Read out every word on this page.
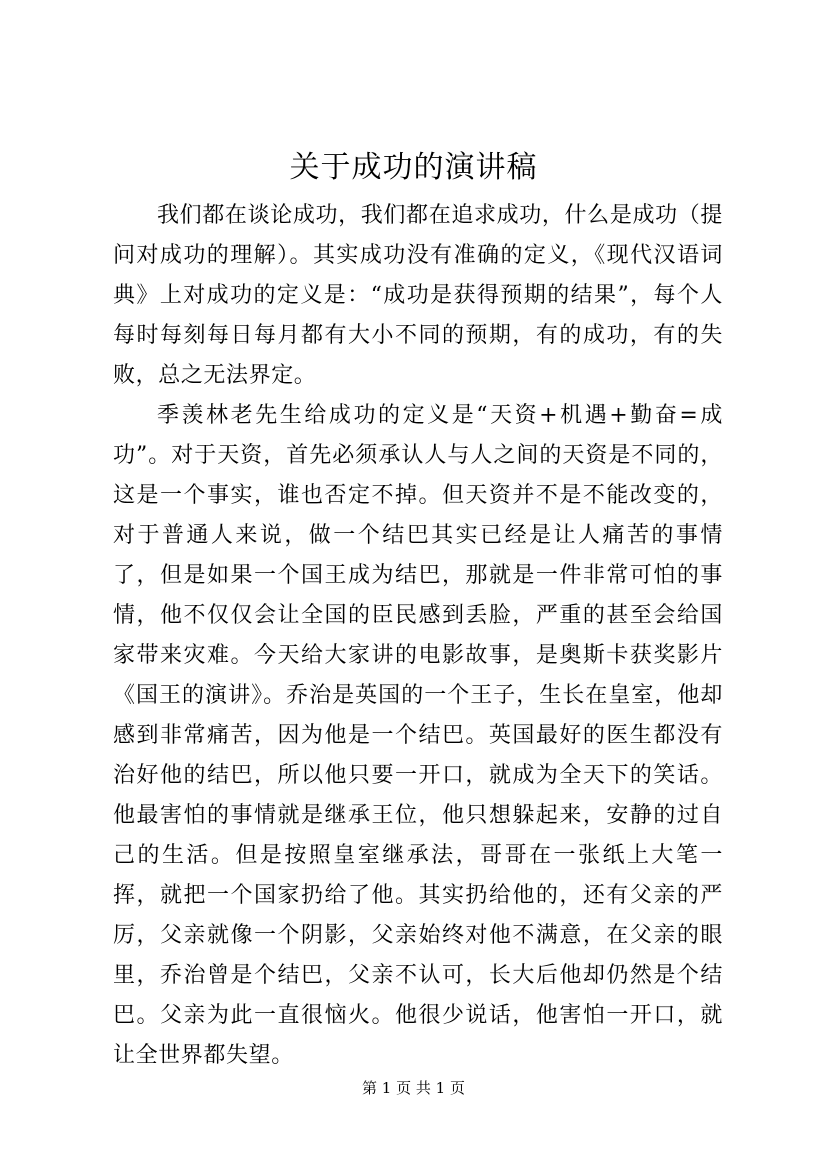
关于成功的演讲稿

我们都在谈论成功，我们都在追求成功，什么是成功（提问对成功的理解）。其实成功没有准确的定义，《现代汉语词典》上对成功的定义是：“成功是获得预期的结果”，每个人每时每刻每日每月都有大小不同的预期，有的成功，有的失败，总之无法界定。

季羡林老先生给成功的定义是“天资+机遇+勤奋=成功”。对于天资，首先必须承认人与人之间的天资是不同的，这是一个事实，谁也否定不掉。但天资并不是不能改变的，对于普通人来说，做一个结巴其实已经是让人痛苦的事情了，但是如果一个国王成为结巴，那就是一件非常可怕的事情，他不仅仅会让全国的臣民感到丢脸，严重的甚至会给国家带来灾难。今天给大家讲的电影故事，是奥斯卡获奖影片《国王的演讲》。乔治是英国的一个王子，生长在皇室，他却感到非常痛苦，因为他是一个结巴。英国最好的医生都没有治好他的结巴，所以他只要一开口，就成为全天下的笑话。他最害怕的事情就是继承王位，他只想躲起来，安静的过自己的生活。但是按照皇室继承法，哥哥在一张纸上大笔一挥，就把一个国家扔给了他。其实扔给他的，还有父亲的严厉，父亲就像一个阴影，父亲始终对他不满意，在父亲的眼里，乔治曾是个结巴，父亲不认可，长大后他却仍然是个结巴。父亲为此一直很恼火。他很少说话，他害怕一开口，就让全世界都失望。

第 1 页 共 1 页
